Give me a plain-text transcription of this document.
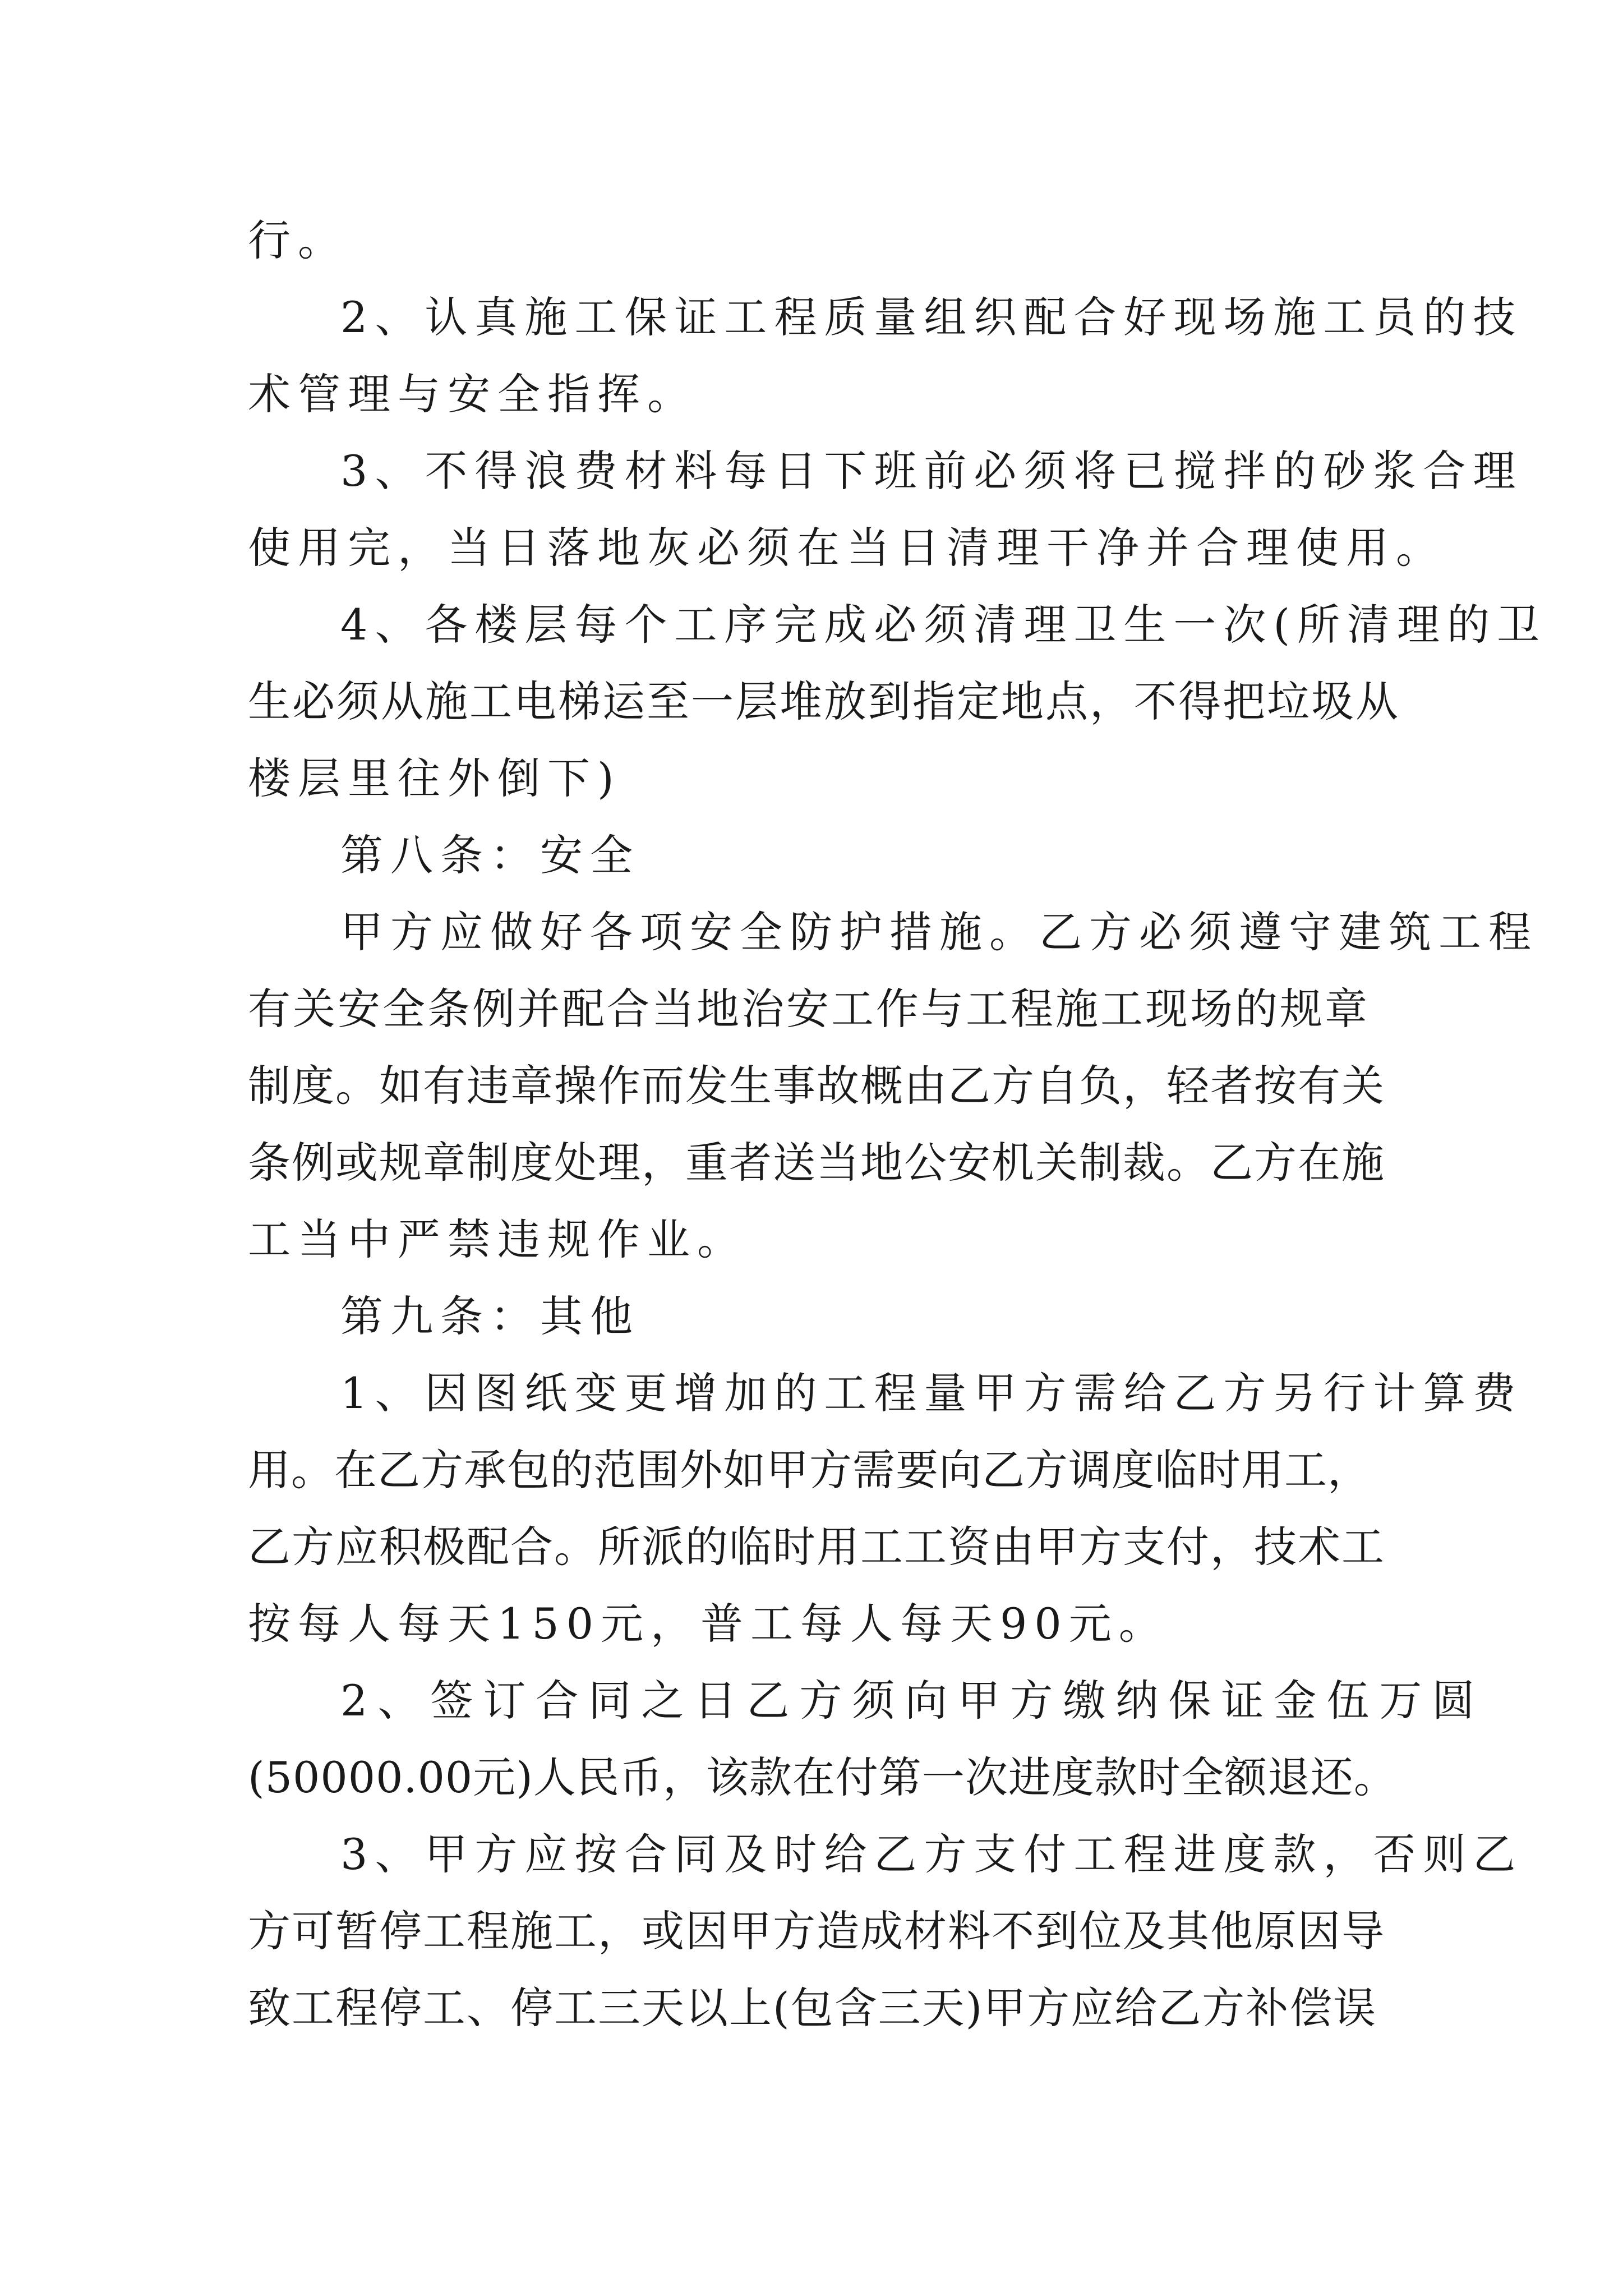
行。
2、认真施工保证工程质量组织配合好现场施工员的技
术管理与安全指挥。
3、不得浪费材料每日下班前必须将已搅拌的砂浆合理
使用完，当日落地灰必须在当日清理干净并合理使用。
4、各楼层每个工序完成必须清理卫生一次(所清理的卫
生必须从施工电梯运至一层堆放到指定地点，不得把垃圾从
楼层里往外倒下)
第八条：安全
甲方应做好各项安全防护措施。乙方必须遵守建筑工程
有关安全条例并配合当地治安工作与工程施工现场的规章
制度。如有违章操作而发生事故概由乙方自负，轻者按有关
条例或规章制度处理，重者送当地公安机关制裁。乙方在施
工当中严禁违规作业。
第九条：其他
1、因图纸变更增加的工程量甲方需给乙方另行计算费
用。在乙方承包的范围外如甲方需要向乙方调度临时用工，
乙方应积极配合。所派的临时用工工资由甲方支付，技术工
按每人每天150元，普工每人每天90元。
2、签订合同之日乙方须向甲方缴纳保证金伍万圆
(50000.00元)人民币，该款在付第一次进度款时全额退还。
3、甲方应按合同及时给乙方支付工程进度款，否则乙
方可暂停工程施工，或因甲方造成材料不到位及其他原因导
致工程停工、停工三天以上(包含三天)甲方应给乙方补偿误
